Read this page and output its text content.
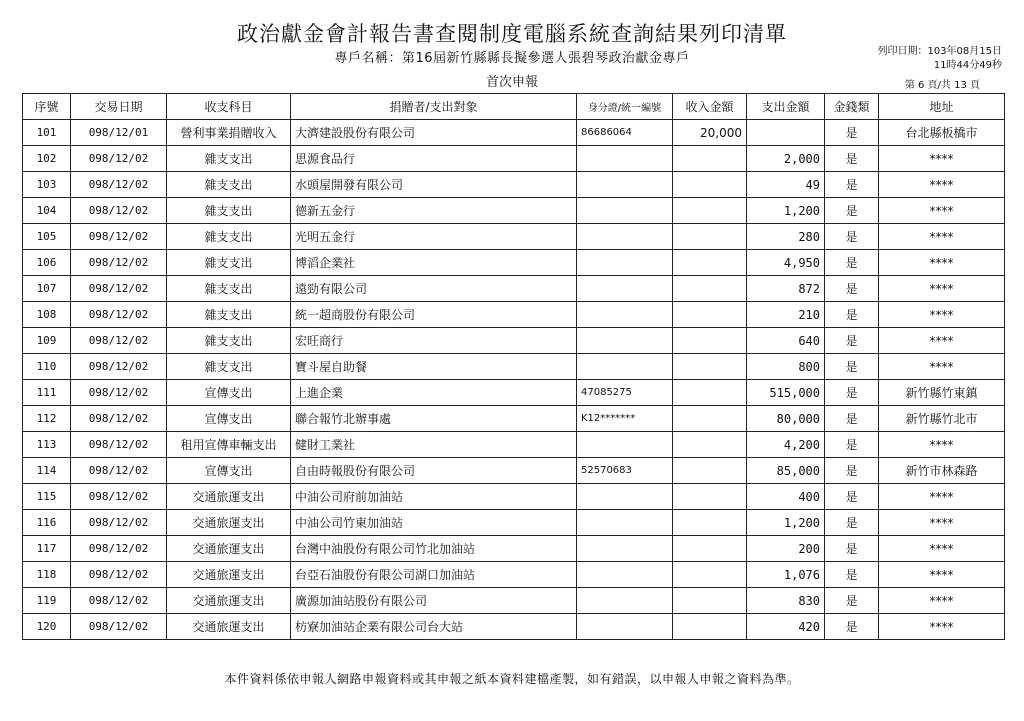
政治獻金會計報告書查閱制度電腦系統查詢結果列印清單
專戶名稱：第16屆新竹縣縣長擬參選人張碧琴政治獻金專戶
首次申報
列印日期：103年08月15日
11時44分49秒
第 6 頁/共 13 頁
序號	交易日期	收支科目	捐贈者/支出對象	身分證/統一編號	收入金額	支出金額	金錢類	地址
101	098/12/01	營利事業捐贈收入	大濟建設股份有限公司	86686064	20,000		是	台北縣板橋市
102	098/12/02	雜支支出	思源食品行			2,000	是	****
103	098/12/02	雜支支出	水頭屋開發有限公司			49	是	****
104	098/12/02	雜支支出	德新五金行			1,200	是	****
105	098/12/02	雜支支出	光明五金行			280	是	****
106	098/12/02	雜支支出	博滔企業社			4,950	是	****
107	098/12/02	雜支支出	遠勁有限公司			872	是	****
108	098/12/02	雜支支出	統一超商股份有限公司			210	是	****
109	098/12/02	雜支支出	宏旺商行			640	是	****
110	098/12/02	雜支支出	寶斗屋自助餐			800	是	****
111	098/12/02	宣傳支出	上進企業	47085275		515,000	是	新竹縣竹東鎮
112	098/12/02	宣傳支出	聯合報竹北辦事處	K12*******		80,000	是	新竹縣竹北市
113	098/12/02	租用宣傳車輛支出	健財工業社			4,200	是	****
114	098/12/02	宣傳支出	自由時報股份有限公司	52570683		85,000	是	新竹市林森路
115	098/12/02	交通旅運支出	中油公司府前加油站			400	是	****
116	098/12/02	交通旅運支出	中油公司竹東加油站			1,200	是	****
117	098/12/02	交通旅運支出	台灣中油股份有限公司竹北加油站			200	是	****
118	098/12/02	交通旅運支出	台亞石油股份有限公司湖口加油站			1,076	是	****
119	098/12/02	交通旅運支出	廣源加油站股份有限公司			830	是	****
120	098/12/02	交通旅運支出	枋寮加油站企業有限公司台大站			420	是	****
本件資料係依申報人網路申報資料或其申報之紙本資料建檔產製，如有錯誤，以申報人申報之資料為準。
